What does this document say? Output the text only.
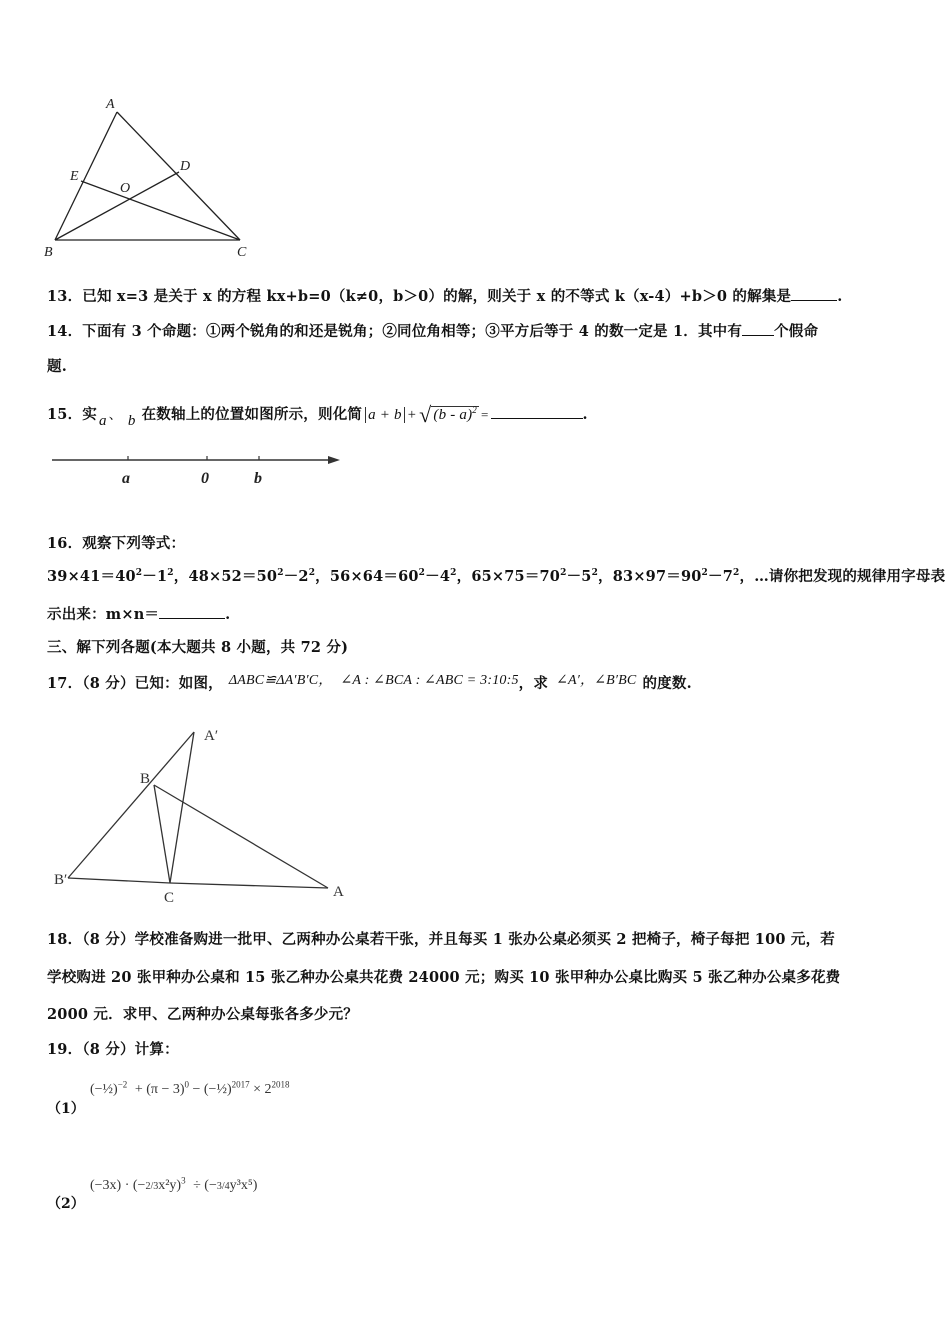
A
B	C
D
E
O
13．已知 x=3 是关于 x 的方程 kx+b=0（k≠0，b＞0）的解，则关于 x 的不等式 k（x-4）+b＞0 的解集是	.
14．下面有 3 个命题：①两个锐角的和还是锐角；②同位角相等；③平方后等于 4 的数一定是 1．其中有 个假命
题.
15．实 a 、 b 在数轴上的位置如图所示，则化简 a + b + √ (b - a)$^2$ =	.
a	0	b
16．观察下列等式：
$39\times 41=40^2-1^2$，$48\times 52=50^2-2^2$，$56\times 64=60^2-4^2$，$65\times 75=70^2-5^2$，$83\times 97=90^2-7^2$，…请你把发现的规律用字母表
示出来：m×n＝	.
三、解下列各题(本大题共 8 小题，共 72 分)
17．（8 分）已知：如图， ΔABC≌ΔA′B′C， ∠A : ∠BCA : ∠ABC = 3:10:5，求 ∠A′，∠B′BC 的度数.
A
A′
B
B′
C
18．（8 分）学校准备购进一批甲、乙两种办公桌若干张，并且每买 1 张办公桌必须买 2 把椅子，椅子每把 100 元，若
学校购进 20 张甲种办公桌和 15 张乙种办公桌共花费 24000 元；购买 10 张甲种办公桌比购买 5 张乙种办公桌多花费
2000 元．求甲、乙两种办公桌每张各多少元？
19．（8 分）计算：
（1）
(−½)$^{-2}$ + $(\pi - 3)^0$ − (−½)$^{2017}$ × $2^{2018}$
（2）
$(-3x) \cdot (-2/3x^2y)^3 \div (-3/4y^3x^5)$
